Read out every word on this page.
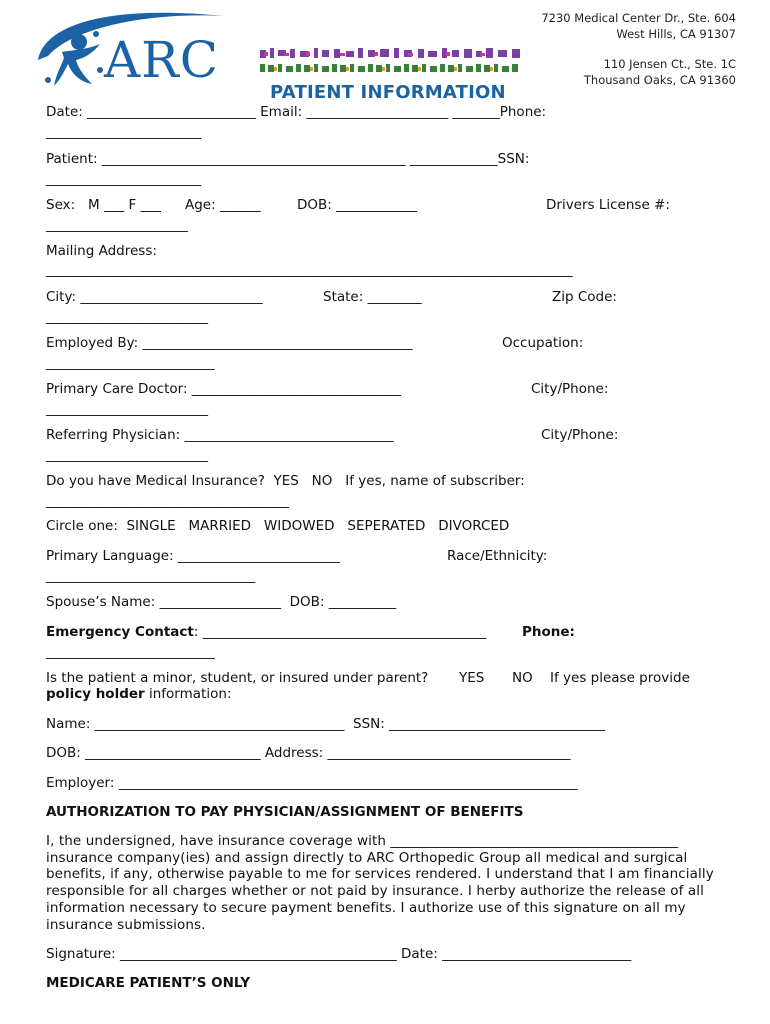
ARC
7230 Medical Center Dr., Ste. 604
West Hills, CA 91307
110 Jensen Ct., Ste. 1C
Thousand Oaks, CA 91360
PATIENT INFORMATION
Date: _________________________ Email: _____________________ _______Phone:
_______________________
Patient: _____________________________________________ _____________SSN:
_______________________
Sex:   M ___ F ___ Age: ______	DOB: ____________	Drivers License #:
_____________________
Mailing Address:
______________________________________________________________________________
City: ___________________________	State: ________	Zip Code:
________________________
Employed By: ________________________________________	Occupation:
_________________________
Primary Care Doctor: _______________________________	City/Phone:
________________________
Referring Physician: _______________________________	City/Phone:
________________________
Do you have Medical Insurance?  YES   NO   If yes, name of subscriber:
____________________________________
Circle one:  SINGLE   MARRIED   WIDOWED   SEPERATED   DIVORCED
Primary Language: ________________________	Race/Ethnicity:
_______________________________
Spouse’s Name: __________________  DOB: __________
Emergency Contact: __________________________________________	Phone:
_________________________
Is the patient a minor, student, or insured under parent? YES NO If yes please provide
policy holder information:
Name: _____________________________________  SSN: ________________________________
DOB: __________________________ Address: ____________________________________
Employer: ____________________________________________________________________
AUTHORIZATION TO PAY PHYSICIAN/ASSIGNMENT OF BENEFITS

I, the undersigned, have insurance coverage with __________________________________________ insurance company(ies) and assign directly to ARC Orthopedic Group all medical and surgical benefits, if any, otherwise payable to me for services rendered. I understand that I am financially responsible for all charges whether or not paid by insurance. I herby authorize the release of all information necessary to secure payment benefits. I authorize use of this signature on all my insurance submissions.

Signature: _________________________________________ Date: ____________________________
MEDICARE PATIENT’S ONLY
